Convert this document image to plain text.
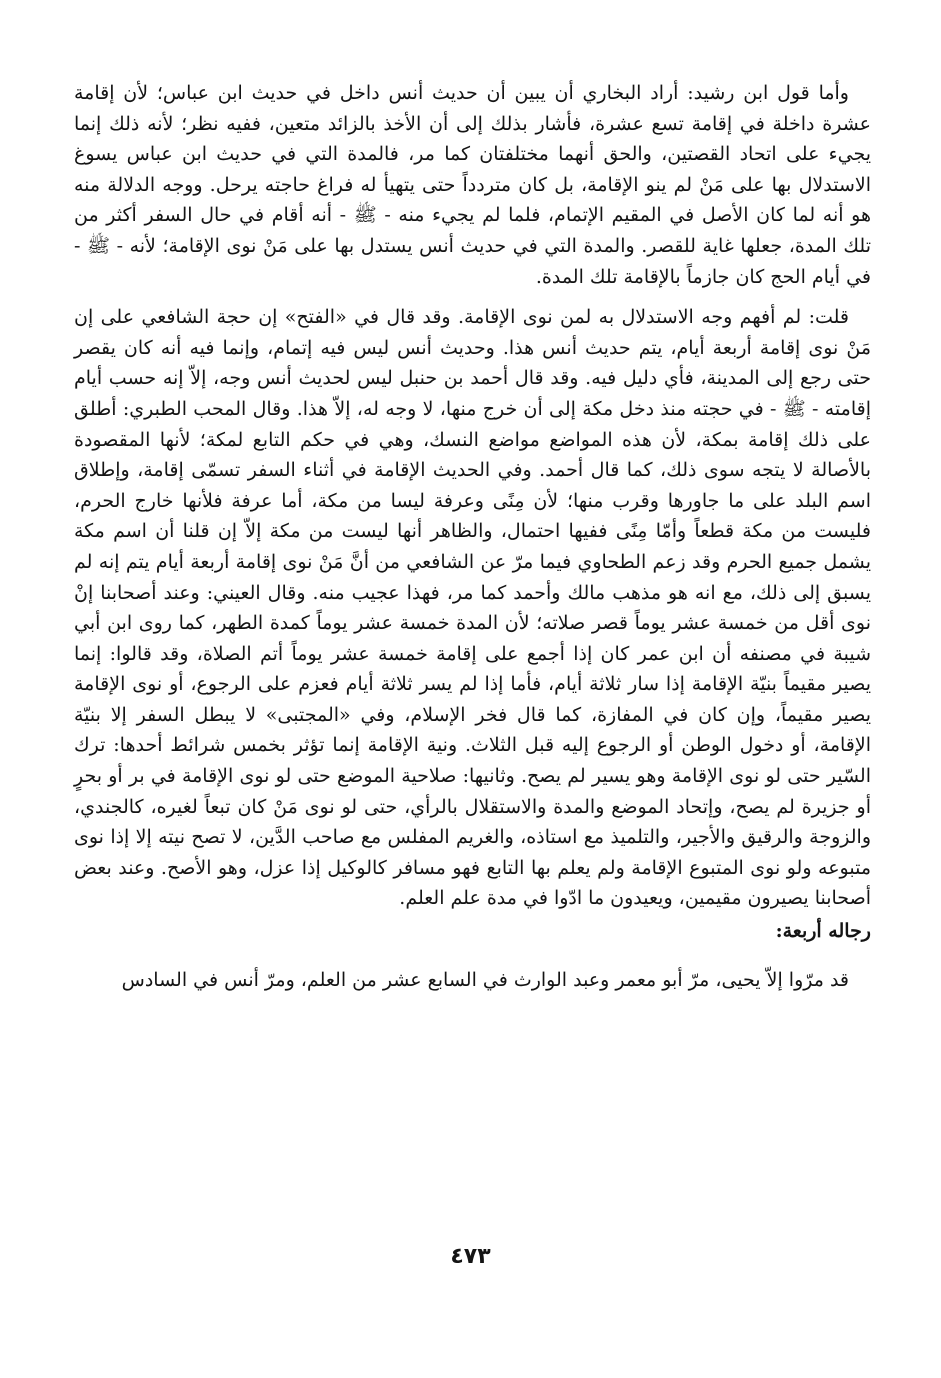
وأما قول ابن رشيد: أراد البخاري أن يبين أن حديث أنس داخل في حديث ابن عباس؛ لأن إقامة عشرة داخلة في إقامة تسع عشرة، فأشار بذلك إلى أن الأخذ بالزائد متعين، ففيه نظر؛ لأنه ذلك إنما يجيء على اتحاد القصتين، والحق أنهما مختلفتان كما مر، فالمدة التي في حديث ابن عباس يسوغ الاستدلال بها على مَنْ لم ينو الإقامة، بل كان متردداً حتى يتهيأ له فراغ حاجته يرحل. ووجه الدلالة منه هو أنه لما كان الأصل في المقيم الإتمام، فلما لم يجيء منه - ﷺ - أنه أقام في حال السفر أكثر من تلك المدة، جعلها غاية للقصر. والمدة التي في حديث أنس يستدل بها على مَنْ نوى الإقامة؛ لأنه - ﷺ - في أيام الحج كان جازماً بالإقامة تلك المدة.

قلت: لم أفهم وجه الاستدلال به لمن نوى الإقامة. وقد قال في «الفتح» إن حجة الشافعي على إن مَنْ نوى إقامة أربعة أيام، يتم حديث أنس هذا. وحديث أنس ليس فيه إتمام، وإنما فيه أنه كان يقصر حتى رجع إلى المدينة، فأي دليل فيه. وقد قال أحمد بن حنبل ليس لحديث أنس وجه، إلاّ إنه حسب أيام إقامته - ﷺ - في حجته منذ دخل مكة إلى أن خرج منها، لا وجه له، إلاّ هذا. وقال المحب الطبري: أطلق على ذلك إقامة بمكة، لأن هذه المواضع مواضع النسك، وهي في حكم التابع لمكة؛ لأنها المقصودة بالأصالة لا يتجه سوى ذلك، كما قال أحمد. وفي الحديث الإقامة في أثناء السفر تسمّى إقامة، وإطلاق اسم البلد على ما جاورها وقرب منها؛ لأن مِنًى وعرفة ليسا من مكة، أما عرفة فلأنها خارج الحرم، فليست من مكة قطعاً وأمّا مِنًى ففيها احتمال، والظاهر أنها ليست من مكة إلاّ إن قلنا أن اسم مكة يشمل جميع الحرم وقد زعم الطحاوي فيما مرّ عن الشافعي من أنَّ مَنْ نوى إقامة أربعة أيام يتم إنه لم يسبق إلى ذلك، مع انه هو مذهب مالك وأحمد كما مر، فهذا عجيب منه. وقال العيني: وعند أصحابنا إنْ نوى أقل من خمسة عشر يوماً قصر صلاته؛ لأن المدة خمسة عشر يوماً كمدة الطهر، كما روى ابن أبي شيبة في مصنفه أن ابن عمر كان إذا أجمع على إقامة خمسة عشر يوماً أتم الصلاة، وقد قالوا: إنما يصير مقيماً بنيّة الإقامة إذا سار ثلاثة أيام، فأما إذا لم يسر ثلاثة أيام فعزم على الرجوع، أو نوى الإقامة يصير مقيماً، وإن كان في المفازة، كما قال فخر الإسلام، وفي «المجتبى» لا يبطل السفر إلا بنيّة الإقامة، أو دخول الوطن أو الرجوع إليه قبل الثلاث. ونية الإقامة إنما تؤثر بخمس شرائط أحدها: ترك السّير حتى لو نوى الإقامة وهو يسير لم يصح. وثانيها: صلاحية الموضع حتى لو نوى الإقامة في بر أو بحرٍ أو جزيرة لم يصح، وإتحاد الموضع والمدة والاستقلال بالرأي، حتى لو نوى مَنْ كان تبعاً لغيره، كالجندي، والزوجة والرقيق والأجير، والتلميذ مع استاذه، والغريم المفلس مع صاحب الدَّين، لا تصح نيته إلا إذا نوى متبوعه ولو نوى المتبوع الإقامة ولم يعلم بها التابع فهو مسافر كالوكيل إذا عزل، وهو الأصح. وعند بعض أصحابنا يصيرون مقيمين، ويعيدون ما ادّوا في مدة علم العلم.

رجاله أربعة:

قد مرّوا إلاّ يحيى، مرّ أبو معمر وعبد الوارث في السابع عشر من العلم، ومرّ أنس في السادس

٤٧٣
